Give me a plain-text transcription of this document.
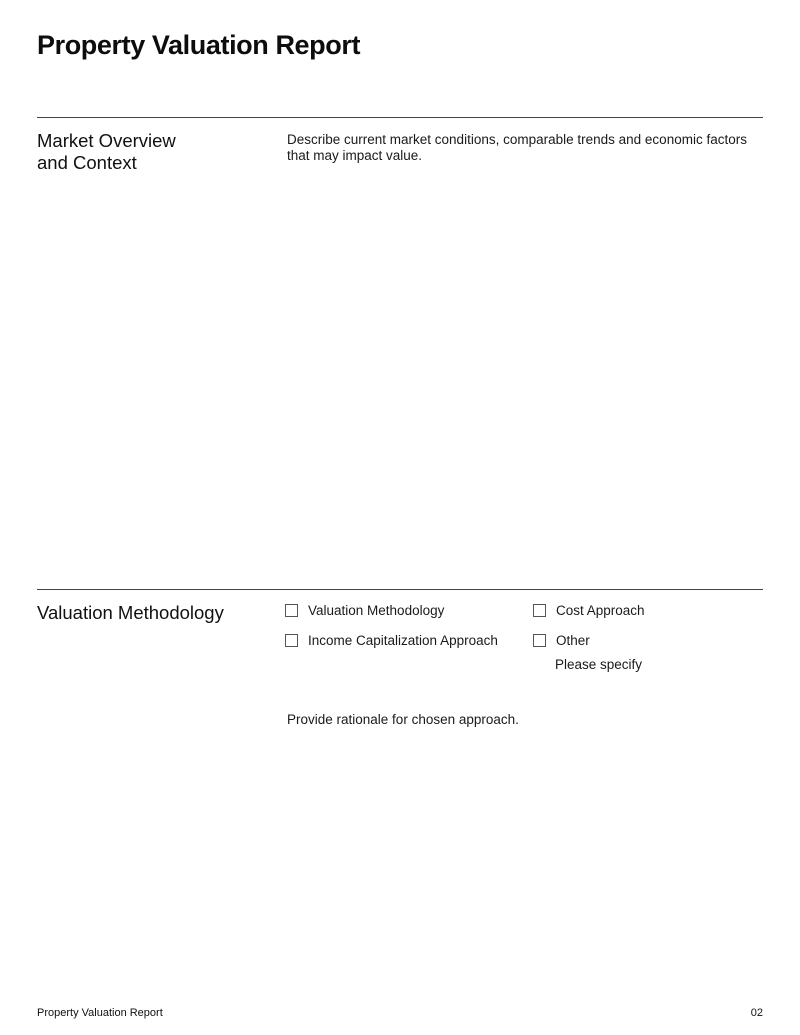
Property Valuation Report
Market Overview
and Context
Describe current market conditions, comparable trends and economic factors that may impact value.
Valuation Methodology	Valuation Methodology	Cost Approach
Income Capitalization Approach	Other
Please specify
Provide rationale for chosen approach.
Property Valuation Report	02
